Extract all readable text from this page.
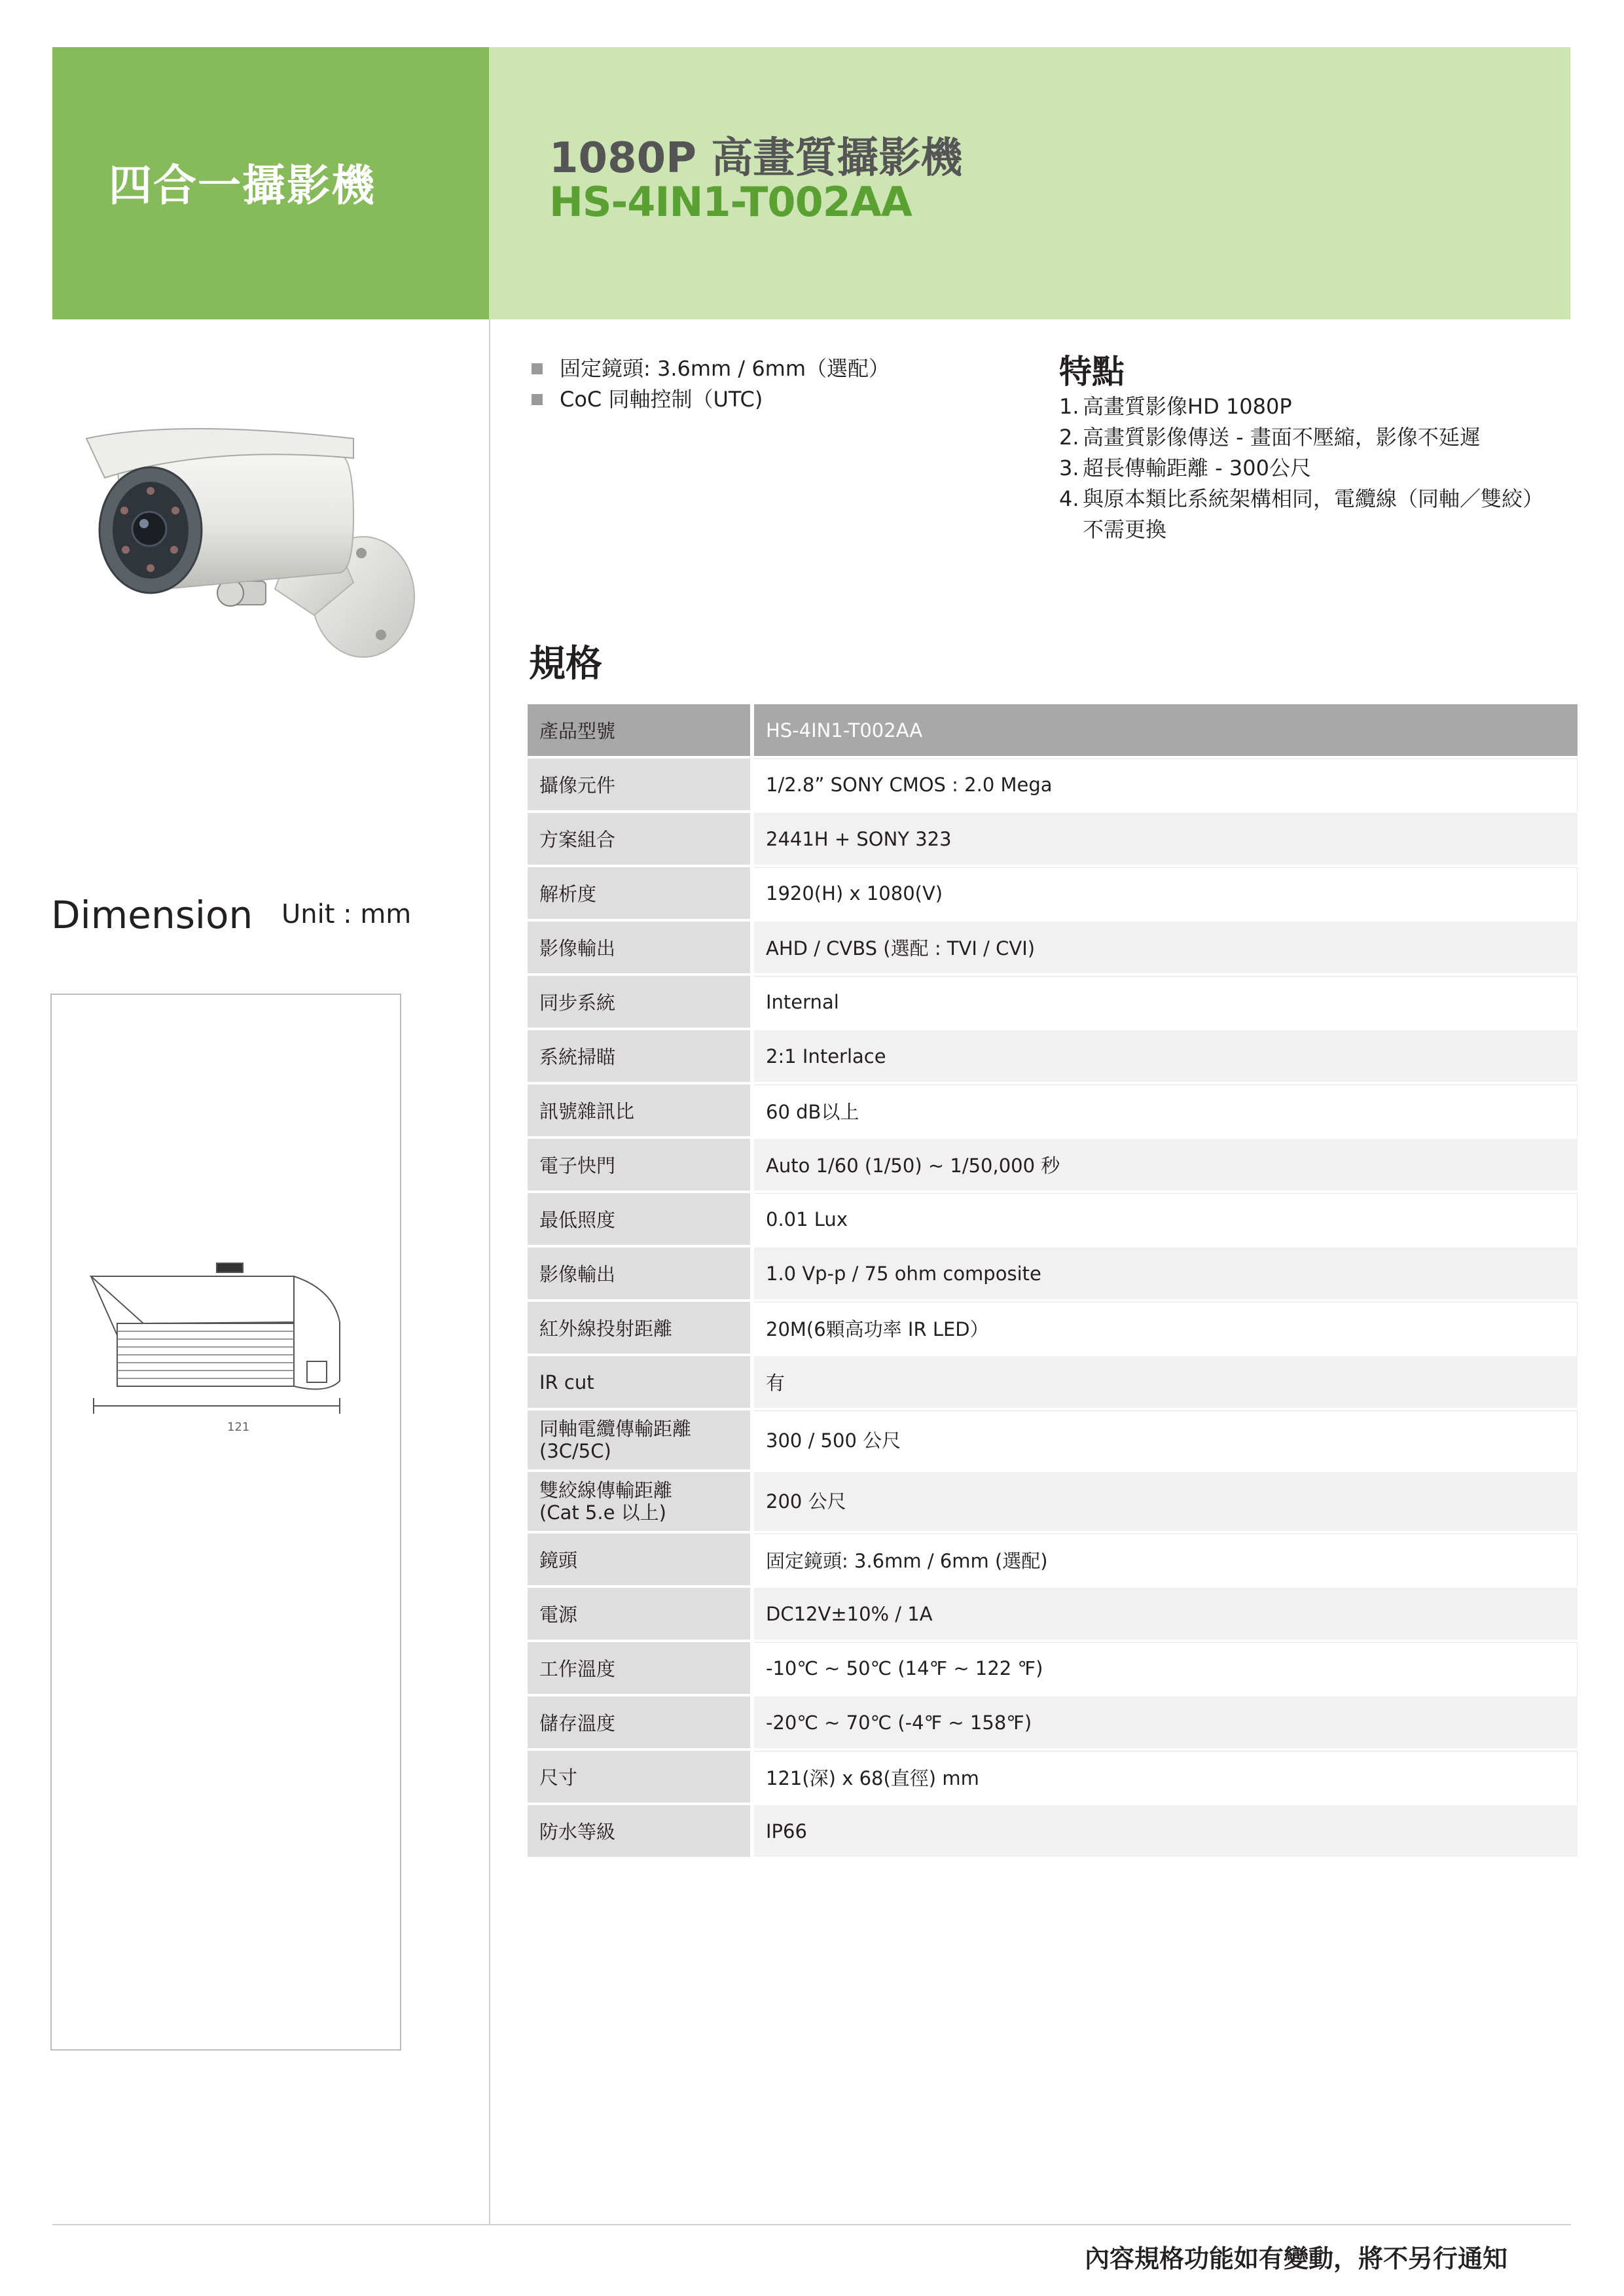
四合一攝影機
1080P 高畫質攝影機
HS-4IN1-T002AA
固定鏡頭: 3.6mm / 6mm（選配）
CoC 同軸控制（UTC)
特點
1. 高畫質影像HD 1080P
2. 高畫質影像傳送 - 畫面不壓縮，影像不延遲
3. 超長傳輸距離 - 300公尺
4. 與原本類比系統架構相同，電纜線（同軸／雙絞）不需更換
Dimension Unit : mm
121
規格
產品型號	HS-4IN1-T002AA
攝像元件	1/2.8” SONY CMOS : 2.0 Mega
方案組合	2441H + SONY 323
解析度	1920(H) x 1080(V)
影像輸出	AHD / CVBS (選配 : TVI / CVI)
同步系統	Internal
系統掃瞄	2:1 Interlace
訊號雜訊比	60 dB以上
電子快門	Auto 1/60 (1/50) ~ 1/50,000 秒
最低照度	0.01 Lux
影像輸出	1.0 Vp-p / 75 ohm composite
紅外線投射距離	20M(6顆高功率 IR LED）
IR cut	有
同軸電纜傳輸距離
(3C/5C)	300 / 500 公尺
雙絞線傳輸距離
(Cat 5.e 以上)	200 公尺
鏡頭	固定鏡頭: 3.6mm / 6mm (選配)
電源	DC12V±10% / 1A
工作溫度	-10℃ ~ 50℃ (14℉ ~ 122 ℉)
儲存溫度	-20℃ ~ 70℃ (-4℉ ~ 158℉)
尺寸	121(深) x 68(直徑) mm
防水等級	IP66
內容規格功能如有變動，將不另行通知
